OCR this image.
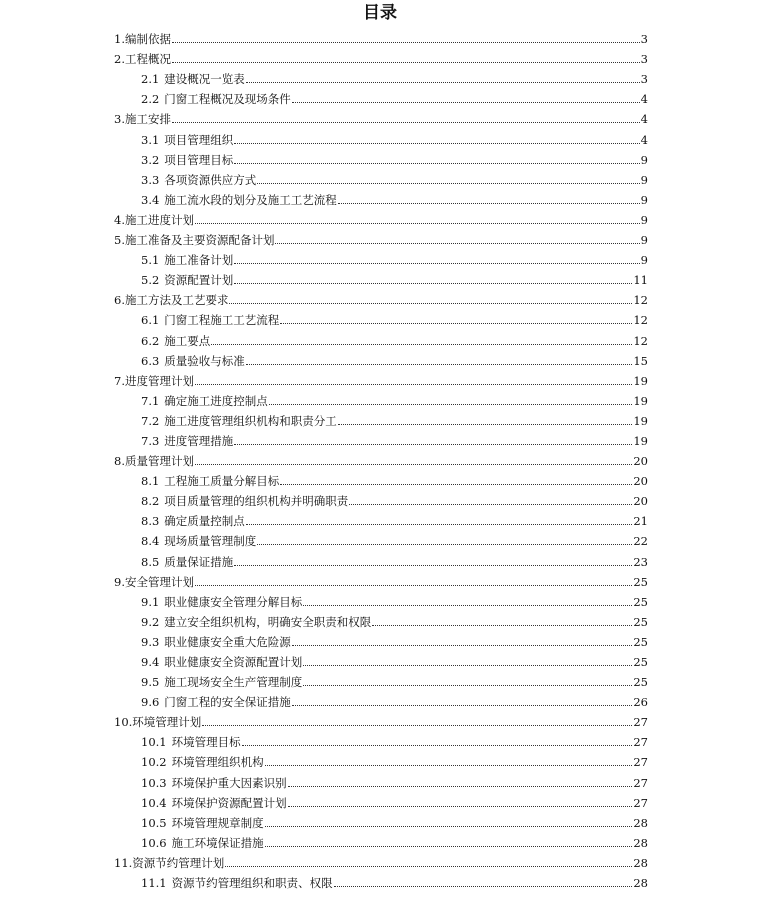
目录
1.编制依据	3
2.工程概况	3
2.1 建设概况一览表	3
2.2 门窗工程概况及现场条件	4
3.施工安排	4
3.1 项目管理组织	4
3.2 项目管理目标	9
3.3 各项资源供应方式	9
3.4 施工流水段的划分及施工工艺流程	9
4.施工进度计划	9
5.施工准备及主要资源配备计划	9
5.1 施工准备计划	9
5.2 资源配置计划	11
6.施工方法及工艺要求	12
6.1 门窗工程施工工艺流程	12
6.2 施工要点	12
6.3 质量验收与标准	15
7.进度管理计划	19
7.1 确定施工进度控制点	19
7.2 施工进度管理组织机构和职责分工	19
7.3 进度管理措施	19
8.质量管理计划	20
8.1 工程施工质量分解目标	20
8.2 项目质量管理的组织机构并明确职责	20
8.3 确定质量控制点	21
8.4 现场质量管理制度	22
8.5 质量保证措施	23
9.安全管理计划	25
9.1 职业健康安全管理分解目标	25
9.2 建立安全组织机构，明确安全职责和权限	25
9.3 职业健康安全重大危险源	25
9.4 职业健康安全资源配置计划	25
9.5 施工现场安全生产管理制度	25
9.6 门窗工程的安全保证措施	26
10.环境管理计划	27
10.1 环境管理目标	27
10.2 环境管理组织机构	27
10.3 环境保护重大因素识别	27
10.4 环境保护资源配置计划	27
10.5 环境管理规章制度	28
10.6 施工环境保证措施	28
11.资源节约管理计划	28
11.1 资源节约管理组织和职责、权限	28
